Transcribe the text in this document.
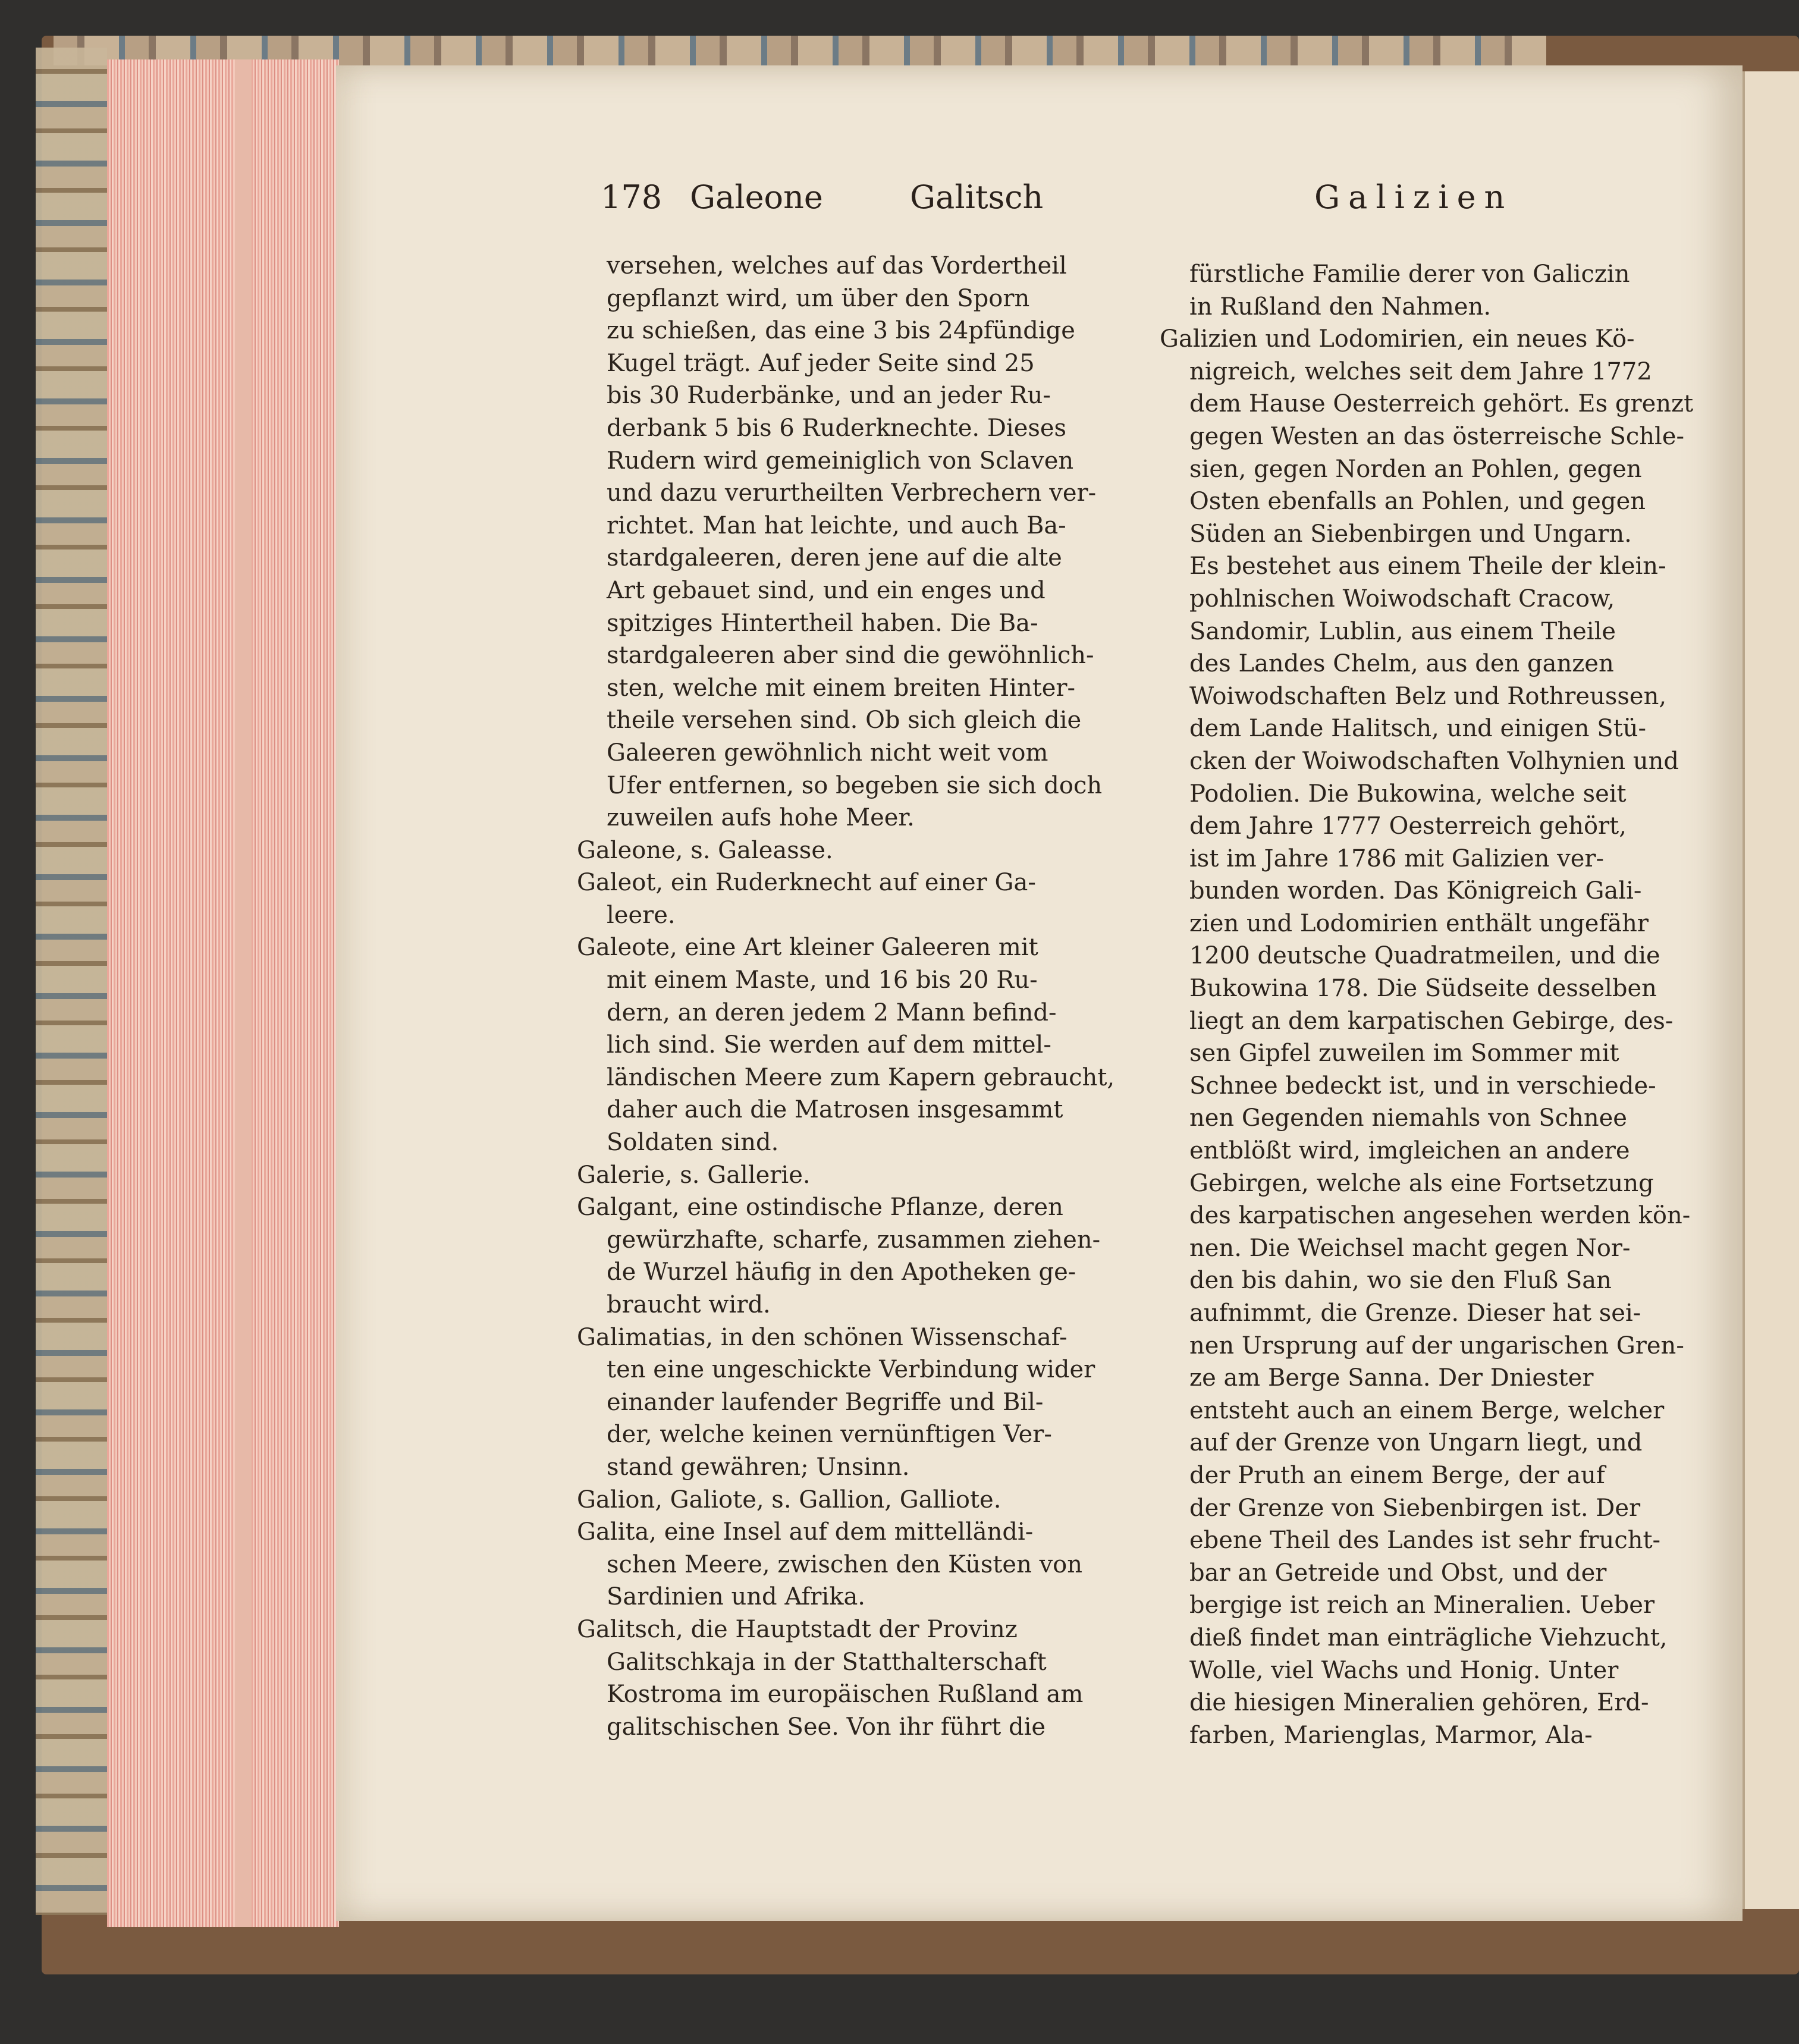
178 Galeone	Galitsch	Galizien
versehen, welches auf das Vordertheil
gepflanzt wird, um über den Sporn
zu schießen, das eine 3 bis 24pfündige
Kugel trägt. Auf jeder Seite sind 25
bis 30 Ruderbänke, und an jeder Ru-
derbank 5 bis 6 Ruderknechte. Dieses
Rudern wird gemeiniglich von Sclaven
und dazu verurtheilten Verbrechern ver-
richtet. Man hat leichte, und auch Ba-
stardgaleeren, deren jene auf die alte
Art gebauet sind, und ein enges und
spitziges Hintertheil haben. Die Ba-
stardgaleeren aber sind die gewöhnlich-
sten, welche mit einem breiten Hinter-
theile versehen sind. Ob sich gleich die
Galeeren gewöhnlich nicht weit vom
Ufer entfernen, so begeben sie sich doch
zuweilen aufs hohe Meer.
Galeone, s. Galeasse.
Galeot, ein Ruderknecht auf einer Ga-
leere.
Galeote, eine Art kleiner Galeeren mit
mit einem Maste, und 16 bis 20 Ru-
dern, an deren jedem 2 Mann befind-
lich sind. Sie werden auf dem mittel-
ländischen Meere zum Kapern gebraucht,
daher auch die Matrosen insgesammt
Soldaten sind.
Galerie, s. Gallerie.
Galgant, eine ostindische Pflanze, deren
gewürzhafte, scharfe, zusammen ziehen-
de Wurzel häufig in den Apotheken ge-
braucht wird.
Galimatias, in den schönen Wissenschaf-
ten eine ungeschickte Verbindung wider
einander laufender Begriffe und Bil-
der, welche keinen vernünftigen Ver-
stand gewähren; Unsinn.
Galion, Galiote, s. Gallion, Galliote.
Galita, eine Insel auf dem mittelländi-
schen Meere, zwischen den Küsten von
Sardinien und Afrika.
Galitsch, die Hauptstadt der Provinz
Galitschkaja in der Statthalterschaft
Kostroma im europäischen Rußland am
galitschischen See. Von ihr führt die
fürstliche Familie derer von Galiczin
in Rußland den Nahmen.
Galizien und Lodomirien, ein neues Kö-
nigreich, welches seit dem Jahre 1772
dem Hause Oesterreich gehört. Es grenzt
gegen Westen an das österreische Schle-
sien, gegen Norden an Pohlen, gegen
Osten ebenfalls an Pohlen, und gegen
Süden an Siebenbirgen und Ungarn.
Es bestehet aus einem Theile der klein-
pohlnischen Woiwodschaft Cracow,
Sandomir, Lublin, aus einem Theile
des Landes Chelm, aus den ganzen
Woiwodschaften Belz und Rothreussen,
dem Lande Halitsch, und einigen Stü-
cken der Woiwodschaften Volhynien und
Podolien. Die Bukowina, welche seit
dem Jahre 1777 Oesterreich gehört,
ist im Jahre 1786 mit Galizien ver-
bunden worden. Das Königreich Gali-
zien und Lodomirien enthält ungefähr
1200 deutsche Quadratmeilen, und die
Bukowina 178. Die Südseite desselben
liegt an dem karpatischen Gebirge, des-
sen Gipfel zuweilen im Sommer mit
Schnee bedeckt ist, und in verschiede-
nen Gegenden niemahls von Schnee
entblößt wird, imgleichen an andere
Gebirgen, welche als eine Fortsetzung
des karpatischen angesehen werden kön-
nen. Die Weichsel macht gegen Nor-
den bis dahin, wo sie den Fluß San
aufnimmt, die Grenze. Dieser hat sei-
nen Ursprung auf der ungarischen Gren-
ze am Berge Sanna. Der Dniester
entsteht auch an einem Berge, welcher
auf der Grenze von Ungarn liegt, und
der Pruth an einem Berge, der auf
der Grenze von Siebenbirgen ist. Der
ebene Theil des Landes ist sehr frucht-
bar an Getreide und Obst, und der
bergige ist reich an Mineralien. Ueber
dieß findet man einträgliche Viehzucht,
Wolle, viel Wachs und Honig. Unter
die hiesigen Mineralien gehören, Erd-
farben, Marienglas, Marmor, Ala-
